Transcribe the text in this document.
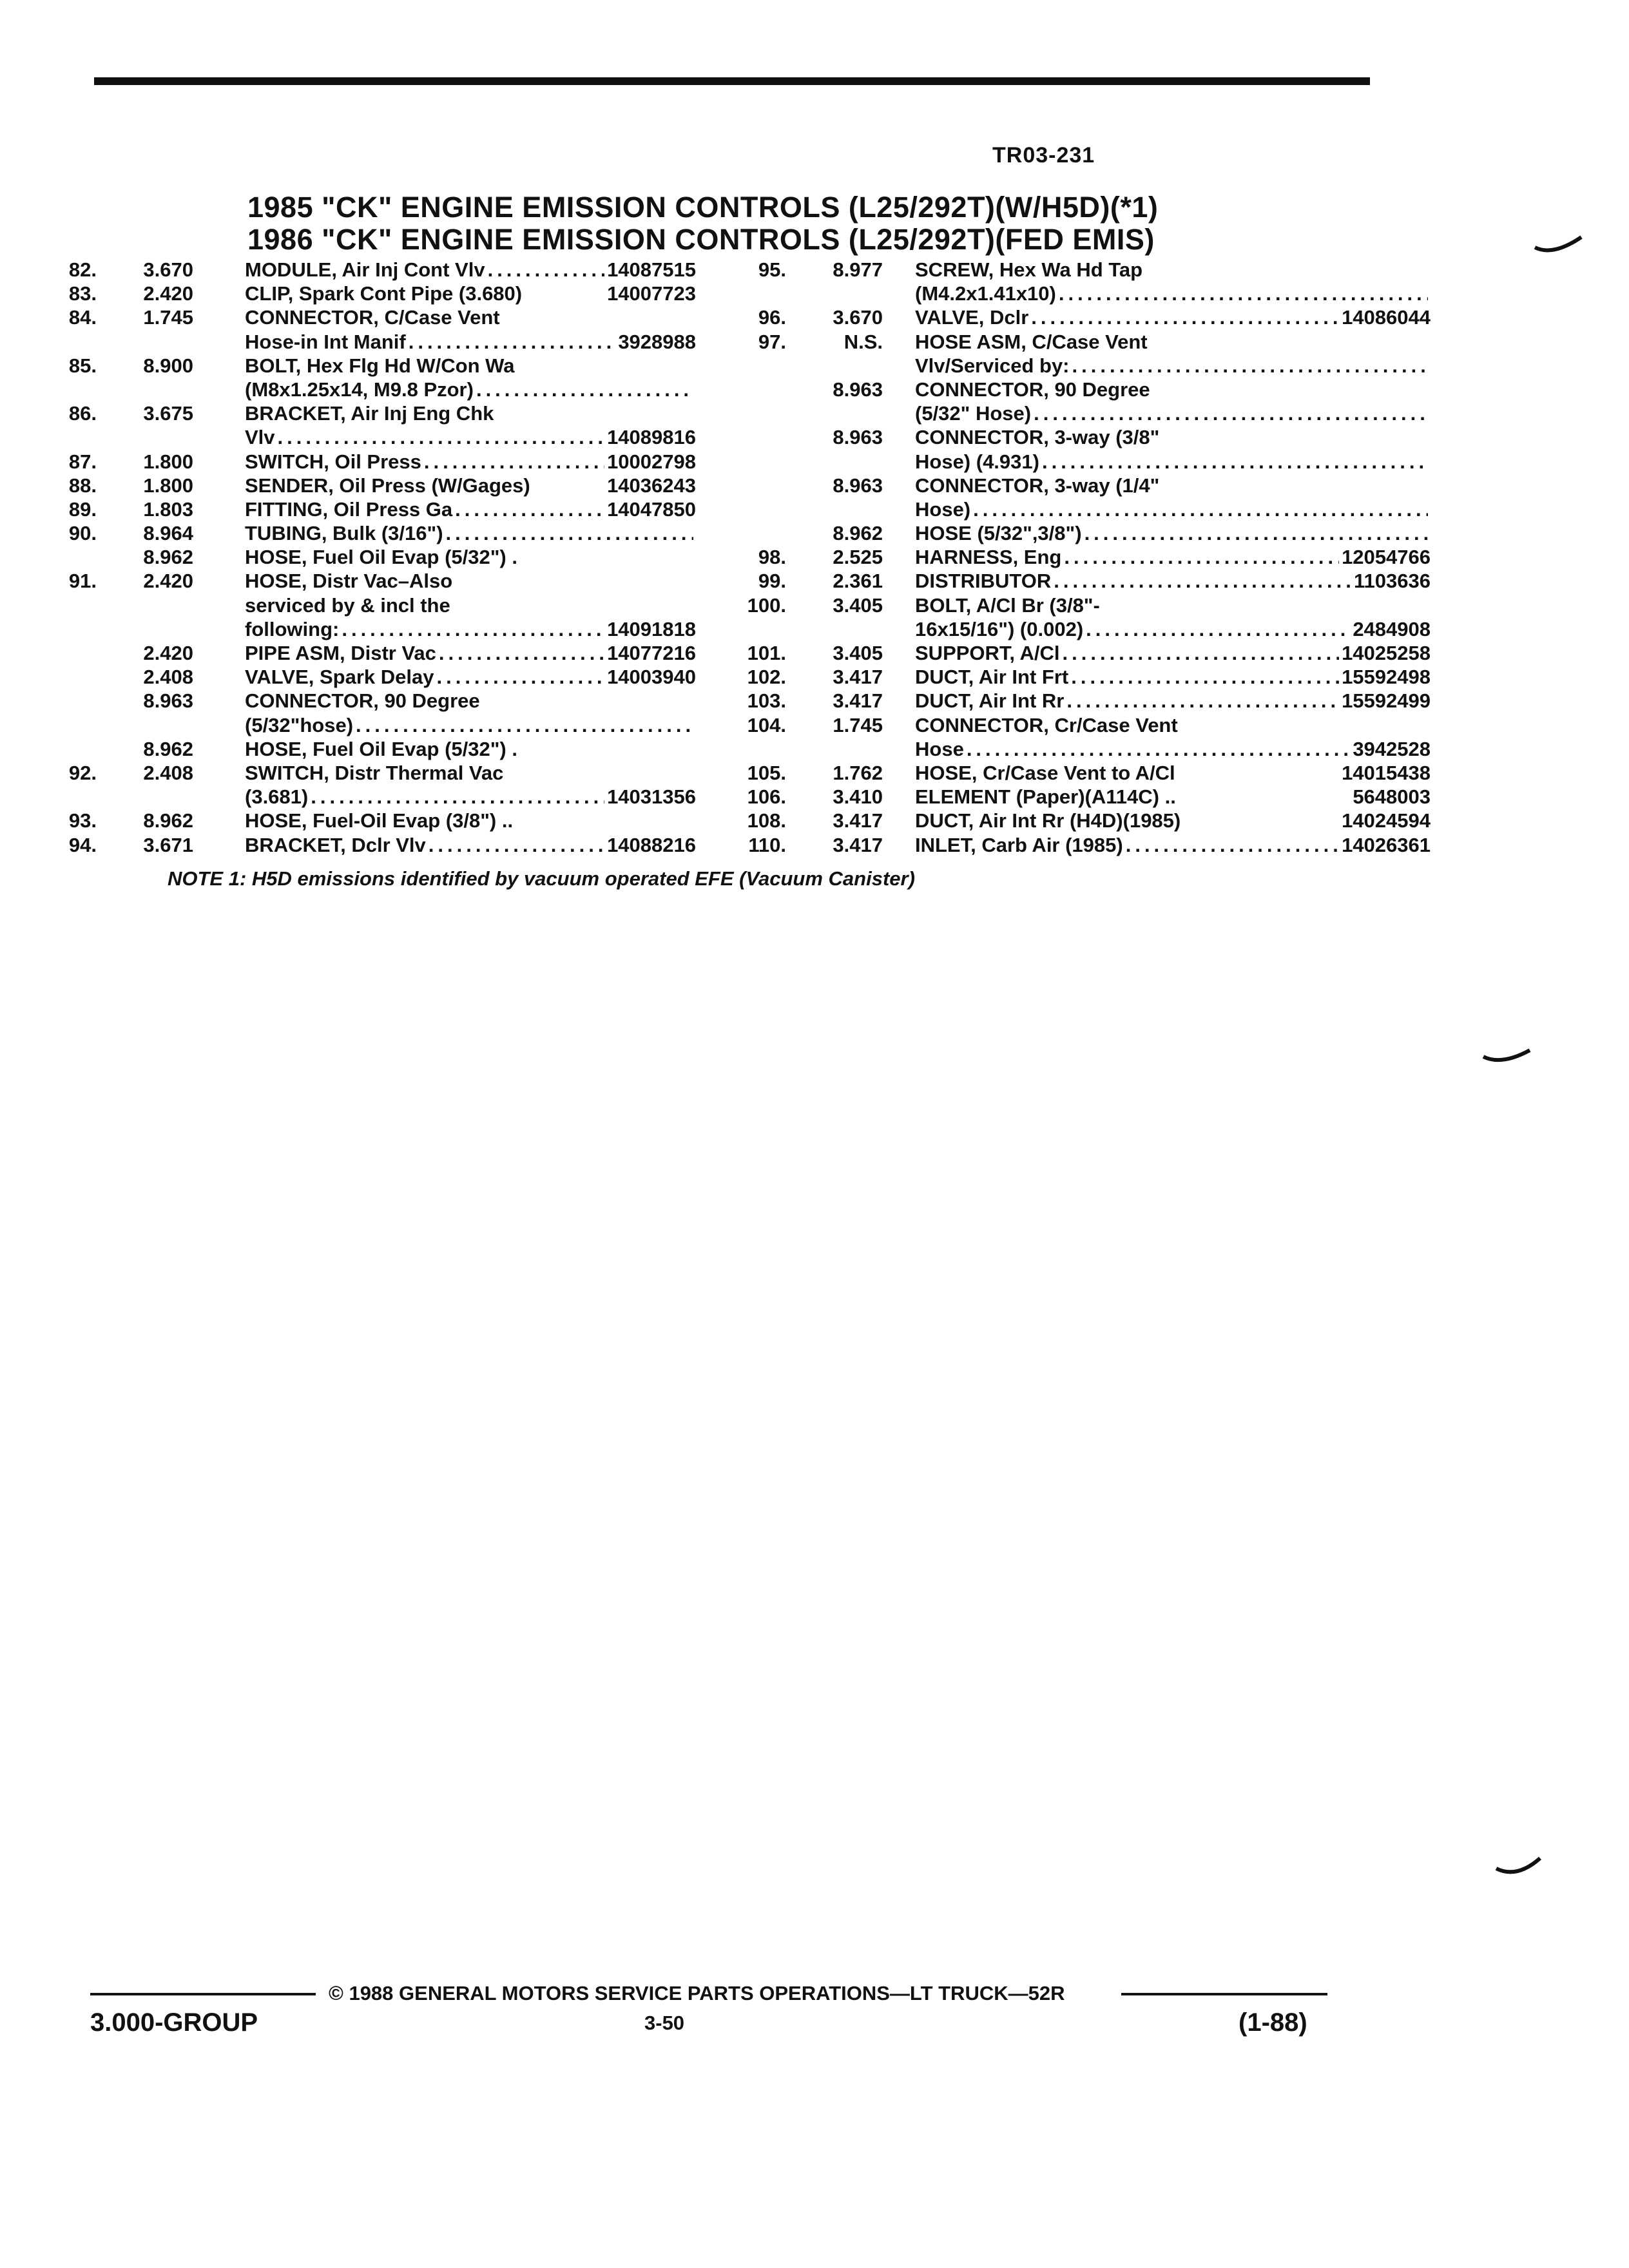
TR03-231
1985 "CK" ENGINE EMISSION CONTROLS (L25/292T)(W/H5D)(*1)
1986 "CK" ENGINE EMISSION CONTROLS (L25/292T)(FED EMIS)
82.	3.670	MODULE, Air Inj Cont Vlv .....	14087515
83.	2.420	CLIP, Spark Cont Pipe (3.680)	14007723
84.	1.745	CONNECTOR, C/Case Vent
Hose-in Int Manif .....	3928988
85.	8.900	BOLT, Hex Flg Hd W/Con Wa
(M8x1.25x14, M9.8 Pzor)
.....
86.	3.675	BRACKET, Air Inj Eng Chk
Vlv .....	14089816
87.	1.800	SWITCH, Oil Press .....	10002798
88.	1.800	SENDER, Oil Press (W/Gages)	14036243
89.	1.803	FITTING, Oil Press Ga .....	14047850
90.	8.964	TUBING, Bulk (3/16")
.....
8.962	HOSE, Fuel Oil Evap (5/32") .
91.	2.420	HOSE, Distr Vac–Also
serviced by & incl the
following: .....	14091818
2.420	PIPE ASM, Distr Vac .....	14077216
2.408	VALVE, Spark Delay .....	14003940
8.963	CONNECTOR, 90 Degree
(5/32"hose)
.....
8.962	HOSE, Fuel Oil Evap (5/32") .
92.	2.408	SWITCH, Distr Thermal Vac
(3.681) .....	14031356
93.	8.962	HOSE, Fuel-Oil Evap (3/8") ..
94.	3.671	BRACKET, Dclr Vlv .....	14088216
95.	8.977 SCREW, Hex Wa Hd Tap
(M4.2x1.41x10)
.....
96.	3.670 VALVE, Dclr .....	14086044
97.	N.S. HOSE ASM, C/Case Vent
Vlv/Serviced by:
.....
8.963 CONNECTOR, 90 Degree
(5/32" Hose)
.....
8.963 CONNECTOR, 3-way (3/8"
Hose) (4.931)
.....
8.963 CONNECTOR, 3-way (1/4"
Hose)
.....
8.962 HOSE (5/32",3/8")
.....
98.	2.525 HARNESS, Eng .....	12054766
99.	2.361 DISTRIBUTOR .....	1103636
100.	3.405 BOLT, A/Cl Br (3/8"-
16x15/16") (0.002) .....	2484908
101.	3.405 SUPPORT, A/Cl .....	14025258
102.	3.417 DUCT, Air Int Frt .....	15592498
103.	3.417 DUCT, Air Int Rr .....	15592499
104.	1.745 CONNECTOR, Cr/Case Vent
Hose .....	3942528
105.	1.762 HOSE, Cr/Case Vent to A/Cl	14015438
106.	3.410 ELEMENT (Paper)(A114C) ..	5648003
108.	3.417 DUCT, Air Int Rr (H4D)(1985)	14024594
110.	3.417 INLET, Carb Air (1985) .....	14026361
NOTE 1: H5D emissions identified by vacuum operated EFE (Vacuum Canister)
© 1988 GENERAL MOTORS SERVICE PARTS OPERATIONS—LT TRUCK—52R
3.000-GROUP	3-50	(1-88)
